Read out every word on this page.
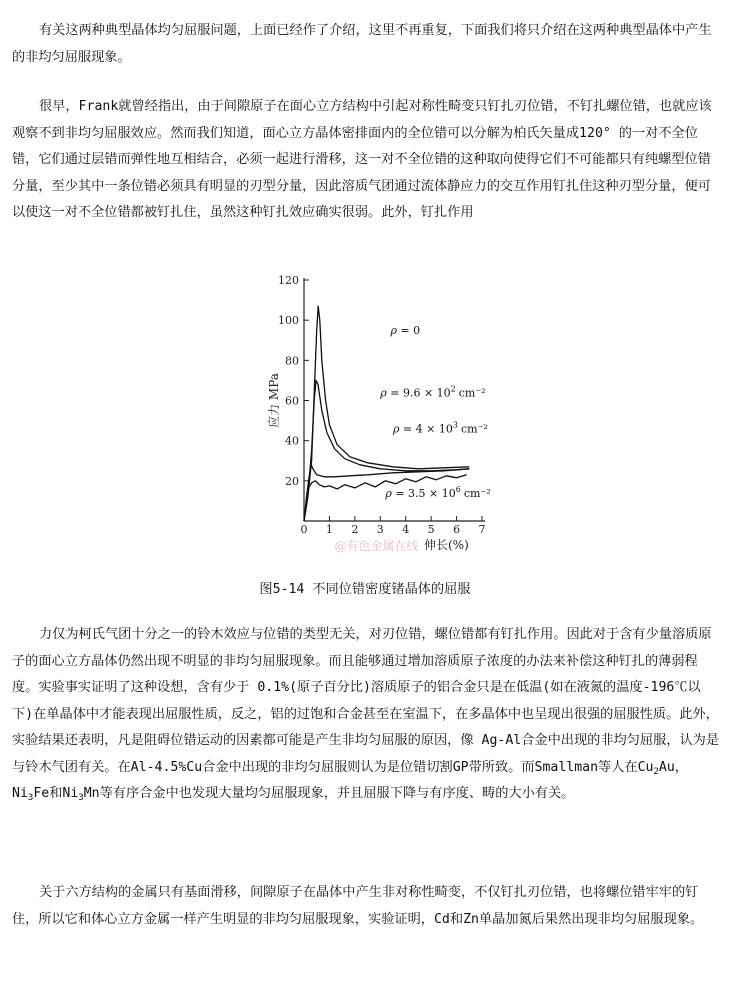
有关这两种典型晶体均匀屈服问题，上面已经作了介绍，这里不再重复，下面我们将只介绍在这两种典型晶体中产生的非均匀屈服现象。

很早，Frank就曾经指出，由于间隙原子在面心立方结构中引起对称性畸变只钉扎刃位错，不钉扎螺位错，也就应该观察不到非均匀屈服效应。然而我们知道，面心立方晶体密排面内的全位错可以分解为柏氏矢量成120° 的一对不全位错，它们通过层错而弹性地互相结合，必须一起进行滑移，这一对不全位错的这种取向使得它们不可能都只有纯螺型位错分量，至少其中一条位错必须具有明显的刃型分量，因此溶质气团通过流体静应力的交互作用钉扎住这种刃型分量，便可以使这一对不全位错都被钉扎住，虽然这种钉扎效应确实很弱。此外，钉扎作用

0 1 2 3 4 5 6 7
20
40
60
80
100
120
应力 MPa
伸长(%)
@有色金属在线
ρ = 0
$\rho = 9.6 \times 10^2$ cm⁻²
$\rho = 4 \times 10^3$ cm⁻²
$\rho = 3.5 \times 10^6$ cm⁻²

图5-14 不同位错密度锗晶体的屈服

力仅为柯氏气团十分之一的铃木效应与位错的类型无关，对刃位错，螺位错都有钉扎作用。因此对于含有少量溶质原子的面心立方晶体仍然出现不明显的非均匀屈服现象。而且能够通过增加溶质原子浓度的办法来补偿这种钉扎的薄弱程度。实验事实证明了这种设想，含有少于 0.1%(原子百分比)溶质原子的铝合金只是在低温(如在液氮的温度-196℃以下)在单晶体中才能表现出屈服性质，反之，铝的过饱和合金甚至在室温下，在多晶体中也呈现出很强的屈服性质。此外，实验结果还表明，凡是阻碍位错运动的因素都可能是产生非均匀屈服的原因，像 Ag-Al合金中出现的非均匀屈服，认为是与铃木气团有关。在Al-4.5%Cu合金中出现的非均匀屈服则认为是位错切割GP带所致。而Smallman等人在$Cu_2Au$，$Ni_3Fe$和$Ni_3Mn$等有序合金中也发现大量均匀屈服现象，并且屈服下降与有序度、畴的大小有关。

关于六方结构的金属只有基面滑移，间隙原子在晶体中产生非对称性畸变，不仅钉扎刃位错，也将螺位错牢牢的钉住，所以它和体心立方金属一样产生明显的非均匀屈服现象，实验证明，Cd和Zn单晶加氮后果然出现非均匀屈服现象。
